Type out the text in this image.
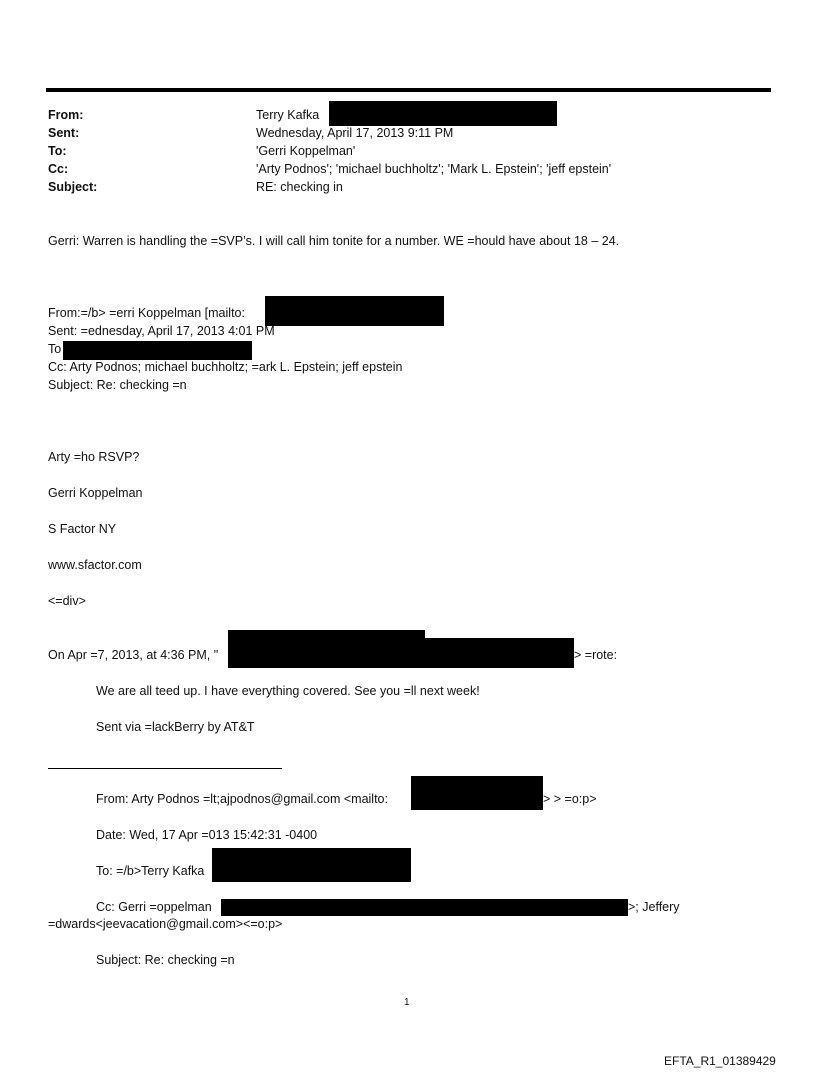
From:	Terry Kafka
Sent:	Wednesday, April 17, 2013 9:11 PM
To:	'Gerri Koppelman'
Cc:	'Arty Podnos'; 'michael buchholtz'; 'Mark L. Epstein'; 'jeff epstein'
Subject:	RE: checking in
Gerri: Warren is handling the =SVP’s. I will call him tonite for a number. WE =hould have about 18 – 24.
From:=/b> =erri Koppelman [mailto:
Sent: =ednesday, April 17, 2013 4:01 PM
To
Cc: Arty Podnos; michael buchholtz; =ark L. Epstein; jeff epstein
Subject: Re: checking =n
Arty =ho RSVP?
Gerri Koppelman
S Factor NY
www.sfactor.com
<=div>
On Apr =7, 2013, at 4:36 PM, "	> =rote:
We are all teed up. I have everything covered. See you =ll next week!
Sent via =lackBerry by AT&T
From: Arty Podnos =lt;ajpodnos@gmail.com <mailto:	> > =o:p>
Date: Wed, 17 Apr =013 15:42:31 -0400
To: =/b>Terry Kafka
Cc: Gerri =oppelman	>; Jeffery
=dwards<jeevacation@gmail.com><=o:p>
Subject: Re: checking =n
1
EFTA_R1_01389429
